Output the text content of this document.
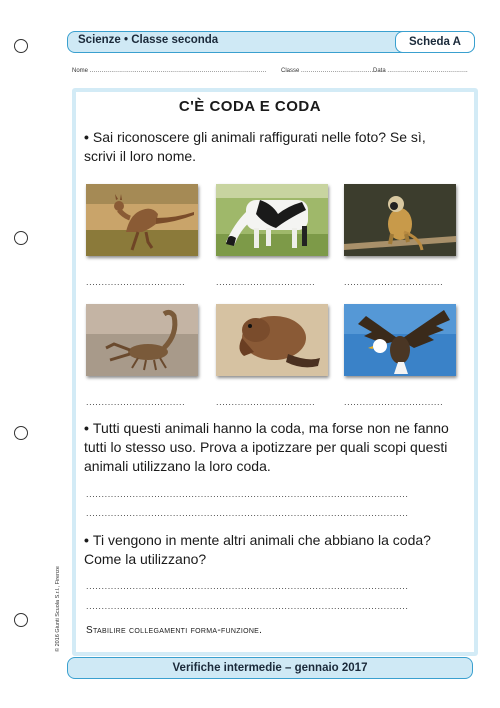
Scienze • Classe seconda	Scheda A
Nome .......................................................................................... Classe ..................................... Data .........................................
C'È CODA E CODA
• Sai riconoscere gli animali raffigurati nelle foto? Se sì, scrivi il loro nome.
................................	................................	................................
................................	................................	................................
• Tutti questi animali hanno la coda, ma forse non ne fanno tutti lo stesso uso. Prova a ipotizzare per quali scopi questi animali utilizzano la loro coda.
........................................................................................................
........................................................................................................
• Ti vengono in mente altri animali che abbiano la coda? Come la utilizzano?
........................................................................................................
........................................................................................................
Stabilire collegamenti forma-funzione.
© 2016 Giunti Scuola S.r.l., Firenze
Verifiche intermedie – gennaio 2017
